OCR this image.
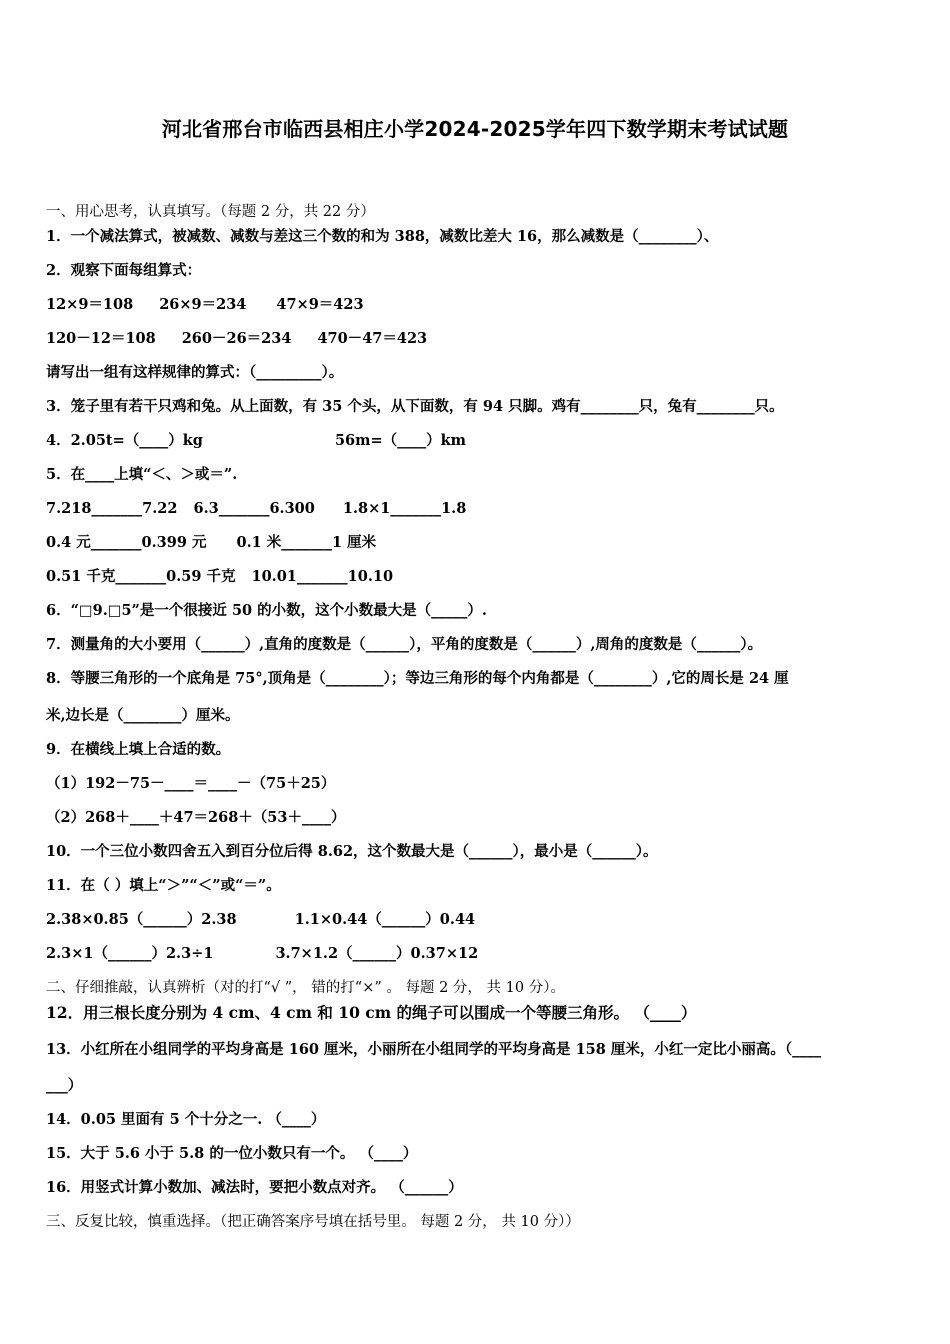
河北省邢台市临西县相庄小学2024-2025学年四下数学期末考试试题
一、用心思考，认真填写。（每题 2 分，共 22 分）
1．一个减法算式，被减数、减数与差这三个数的和为 388，减数比差大 16，那么减数是（________）、
2．观察下面每组算式：
12×9＝108 26×9＝234 47×9＝423
120－12＝108 260－26＝234 470－47＝423
请写出一组有这样规律的算式：（_________）。
3．笼子里有若干只鸡和兔。从上面数，有 35 个头，从下面数，有 94 只脚。鸡有________只，兔有________只。
4．2.05t=（____）kg	56m=（____）km
5．在____上填“＜、＞或＝”.
7.218_______7.22 6.3_______6.300 1.8×1_______1.8
0.4 元_______0.399 元 0.1 米_______1 厘米
0.51 千克_______0.59 千克 10.01_______10.10
6．“□9.□5”是一个很接近 50 的小数，这个小数最大是（_____）.
7．测量角的大小要用（______）,直角的度数是（______），平角的度数是（______）,周角的度数是（______）。
8．等腰三角形的一个底角是 75°,顶角是（________）；等边三角形的每个内角都是（________）,它的周长是 24 厘
米,边长是（________）厘米。
9．在横线上填上合适的数。
（1）192－75－____＝____－（75＋25）
（2）268＋____＋47＝268＋（53＋____）
10．一个三位小数四舍五入到百分位后得 8.62，这个数最大是（______），最小是（______）。
11．在（ ）填上“＞”“＜”或“＝”。
2.38×0.85（______）2.38	1.1×0.44（______）0.44
2.3×1（______）2.3÷1	3.7×1.2（______）0.37×12
二、仔细推敲，认真辨析（对的打“√ ”， 错的打“×” 。 每题 2 分， 共 10 分）。
12．用三根长度分别为 4 cm、4 cm 和 10 cm 的绳子可以围成一个等腰三角形。 （____）
13．小红所在小组同学的平均身高是 160 厘米，小丽所在小组同学的平均身高是 158 厘米，小红一定比小丽高。（____
___）
14．0.05 里面有 5 个十分之一. （____）
15．大于 5.6 小于 5.8 的一位小数只有一个。 （____）
16．用竖式计算小数加、减法时，要把小数点对齐。 （______）
三、反复比较，慎重选择。（把正确答案序号填在括号里。 每题 2 分， 共 10 分））
